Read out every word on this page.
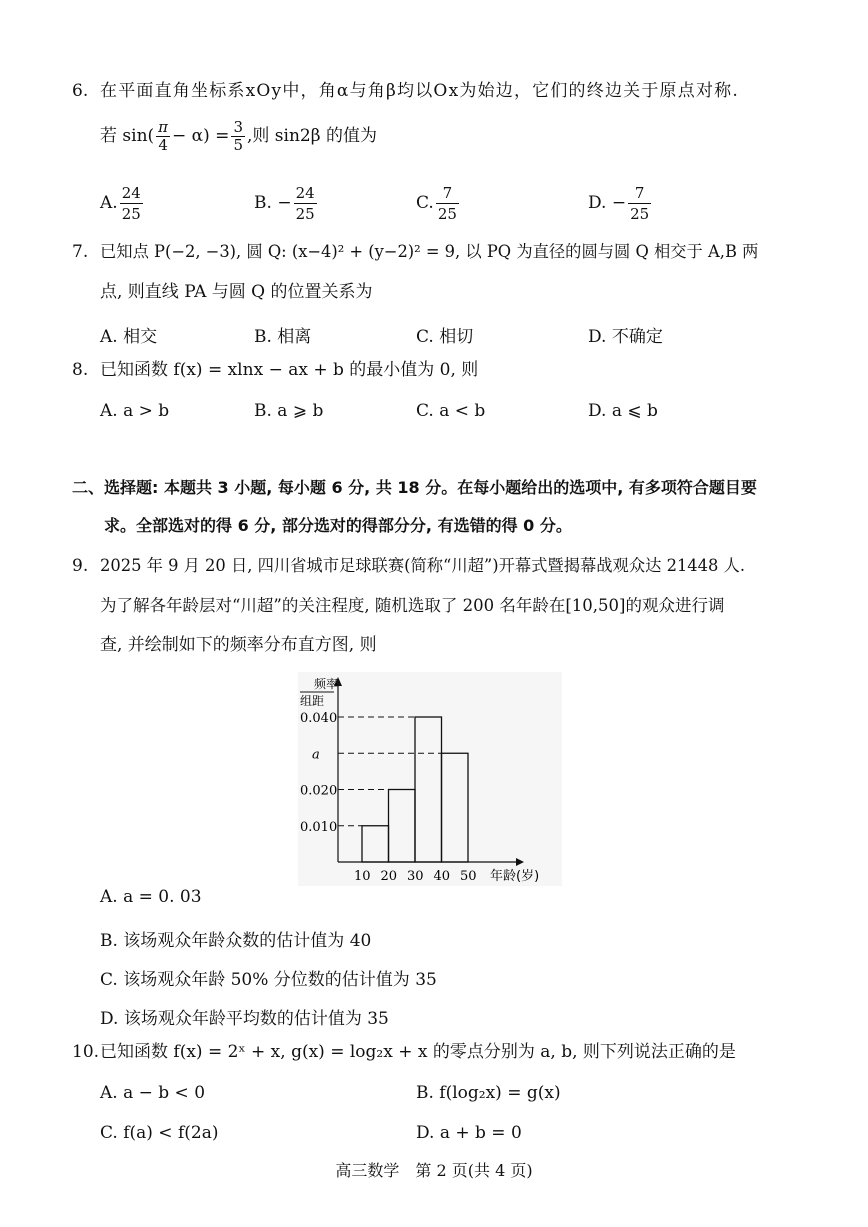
6. 在平面直角坐标系xOy中，角α与角β均以Ox为始边，它们的终边关于原点对称.
若 $\sin( \frac{\pi}{4} - \alpha) = \frac{3}{5}$ ,则 sin2β 的值为
A. $\frac{24}{25}$	B. − $\frac{24}{25}$	C. $\frac{7}{25}$	D. − $\frac{7}{25}$
7. 已知点 P(−2, −3), 圆 Q: (x−4)² + (y−2)² = 9, 以 PQ 为直径的圆与圆 Q 相交于 A,B 两
点, 则直线 PA 与圆 Q 的位置关系为
A. 相交	B. 相离	C. 相切	D. 不确定
8. 已知函数 f(x) = xlnx − ax + b 的最小值为 0, 则
A. a > b	B. a ⩾ b	C. a < b	D. a ⩽ b
二、选择题: 本题共 3 小题, 每小题 6 分, 共 18 分。在每小题给出的选项中, 有多项符合题目要
求。全部选对的得 6 分, 部分选对的得部分分, 有选错的得 0 分。
9. 2025 年 9 月 20 日, 四川省城市足球联赛(简称“川超”)开幕式暨揭幕战观众达 21448 人.
为了解各年龄层对“川超”的关注程度, 随机选取了 200 名年龄在[10,50]的观众进行调
查, 并绘制如下的频率分布直方图, 则
频率
组距
0.010
0.020
a
0.040
10 20 30 40 50 年龄(岁)
A. a = 0. 03
B. 该场观众年龄众数的估计值为 40
C. 该场观众年龄 50% 分位数的估计值为 35
D. 该场观众年龄平均数的估计值为 35
10. 已知函数 f(x) = 2ˣ + x, g(x) = log₂x + x 的零点分别为 a, b, 则下列说法正确的是
A. a − b < 0	B. f(log₂x) = g(x)
C. f(a) < f(2a)	D. a + b = 0
高三数学　第 2 页(共 4 页)
